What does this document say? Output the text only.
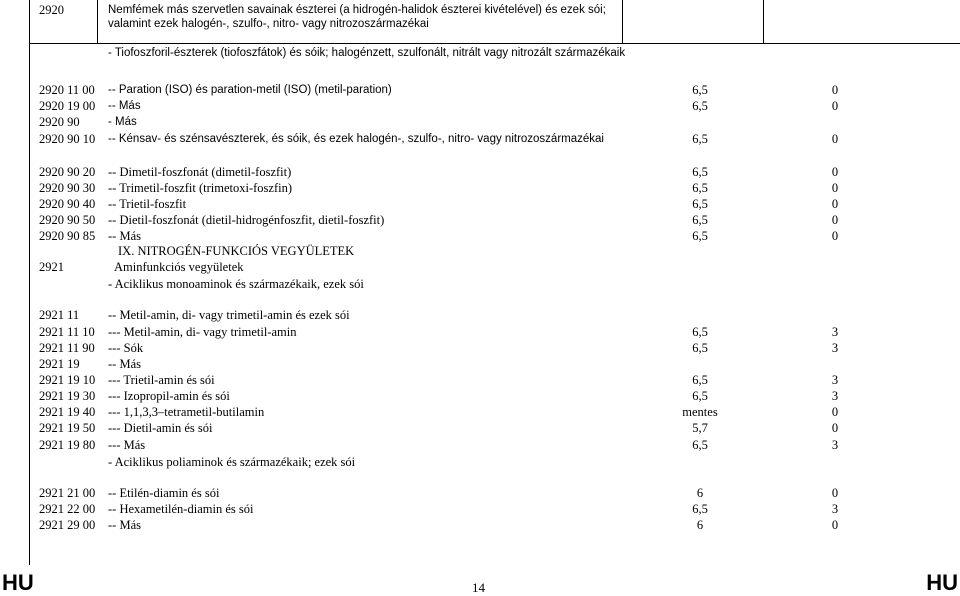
2920	Nemfémek más szervetlen savainak észterei (a hidrogén-halidok észterei kivételével) és ezek sói; valamint ezek halogén-, szulfo-, nitro- vagy nitrozoszármazékai
- Tiofoszforil-észterek (tiofoszfátok) és sóik; halogénzett, szulfonált, nitrált vagy nitrozált származékaik
2920 11 00 -- Paration (ISO) és paration-metil (ISO) (metil-paration)	6,5	0
2920 19 00 -- Más	6,5	0
2920 90 - Más
2920 90 10 -- Kénsav- és szénsavészterek, és sóik, és ezek halogén-, szulfo-, nitro- vagy nitrozoszármazékai	6,5	0
2920 90 20 -- Dimetil-foszfonát (dimetil-foszfit)	6,5	0
2920 90 30 -- Trimetil-foszfit (trimetoxi-foszfin)	6,5	0
2920 90 40 -- Trietil-foszfit	6,5	0
2920 90 50 -- Dietil-foszfonát (dietil-hidrogénfoszfit, dietil-foszfit)	6,5	0
2920 90 85 -- Más	6,5	0
IX. NITROGÉN-FUNKCIÓS VEGYÜLETEK
2921	Aminfunkciós vegyületek
- Aciklikus monoaminok és származékaik, ezek sói
2921 11 -- Metil-amin, di- vagy trimetil-amin és ezek sói
2921 11 10 --- Metil-amin, di- vagy trimetil-amin	6,5	3
2921 11 90 --- Sók	6,5	3
2921 19 -- Más
2921 19 10 --- Trietil-amin és sói	6,5	3
2921 19 30 --- Izopropil-amin és sói	6,5	3
2921 19 40 --- 1,1,3,3–tetrametil-butilamin	mentes	0
2921 19 50 --- Dietil-amin és sói	5,7	0
2921 19 80 --- Más	6,5	3
- Aciklikus poliaminok és származékaik; ezek sói
2921 21 00 -- Etilén-diamin és sói	6	0
2921 22 00 -- Hexametilén-diamin és sói	6,5	3
2921 29 00 -- Más	6	0
HU	14	HU
